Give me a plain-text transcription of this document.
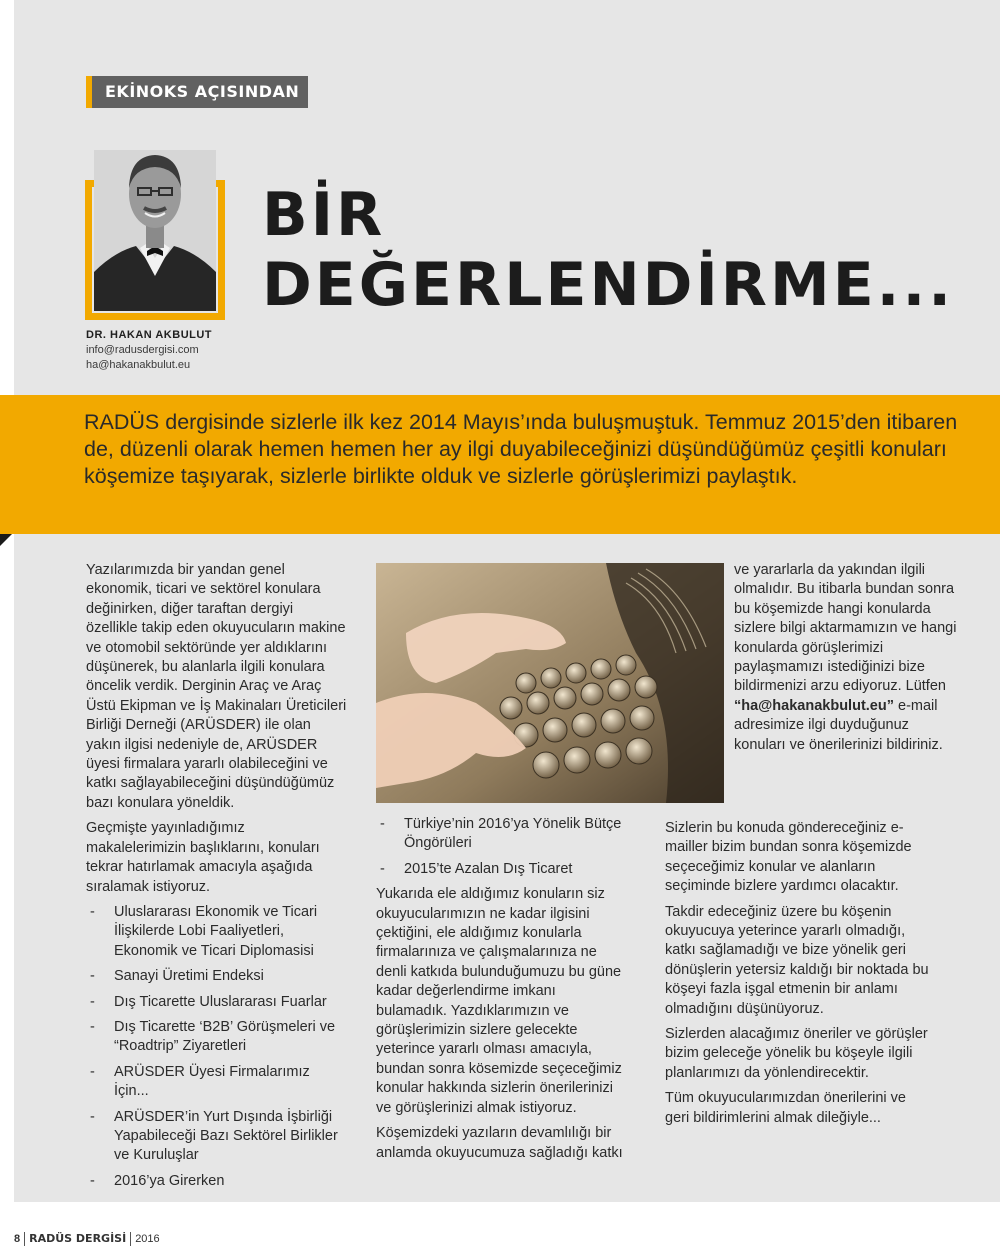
EKİNOKS AÇISINDAN
DR. HAKAN AKBULUT
info@radusdergisi.com
ha@hakanakbulut.eu
BİR
DEĞERLENDİRME...
RADÜS dergisinde sizlerle ilk kez 2014 Mayıs’ında buluşmuştuk. Temmuz 2015’den itibaren de, düzenli olarak hemen hemen her ay ilgi duyabileceğinizi düşündüğümüz çeşitli konuları köşemize taşıyarak, sizlerle birlikte olduk ve sizlerle görüşlerimizi paylaştık.

Yazılarımızda bir yandan genel ekonomik, ticari ve sektörel konulara değinirken, diğer taraftan dergiyi özellikle takip eden okuyucuların makine ve otomobil sektöründe yer aldıklarını düşünerek, bu alanlarla ilgili konulara öncelik verdik. Derginin Araç ve Araç Üstü Ekipman ve İş Makinaları Üreticileri Birliği Derneği (ARÜSDER) ile olan yakın ilgisi nedeniyle de, ARÜSDER üyesi firmalara yararlı olabileceğini ve katkı sağlayabileceğini düşündüğümüz bazı konulara yöneldik.

Geçmişte yayınladığımız makalelerimizin başlıklarını, konuları tekrar hatırlamak amacıyla aşağıda sıralamak istiyoruz.

- Uluslararası Ekonomik ve Ticari İlişkilerde Lobi Faaliyetleri, Ekonomik ve Ticari Diplomasisi
- Sanayi Üretimi Endeksi
- Dış Ticarette Uluslararası Fuarlar
- Dış Ticarette ‘B2B’ Görüşmeleri ve “Roadtrip” Ziyaretleri
- ARÜSDER Üyesi Firmalarımız İçin...
- ARÜSDER’in Yurt Dışında İşbirliği Yapabileceği Bazı Sektörel Birlikler ve Kuruluşlar
- 2016’ya Girerken
- Türkiye’nin 2016’ya Yönelik Bütçe Öngörüleri
- 2015’te Azalan Dış Ticaret

Yukarıda ele aldığımız konuların siz okuyucularımızın ne kadar ilgisini çektiğini, ele aldığımız konularla firmalarınıza ve çalışmalarınıza ne denli katkıda bulunduğumuzu bu güne kadar değerlendirme imkanı bulamadık. Yazdıklarımızın ve görüşlerimizin sizlere gelecekte yeterince yararlı olması amacıyla, bundan sonra kösemizde seçeceğimiz konular hakkında sizlerin önerilerinizi ve görüşlerinizi almak istiyoruz.

Köşemizdeki yazıların devamlılığı bir anlamda okuyucumuza sağladığı katkı

ve yararlarla da yakından ilgili olmalıdır. Bu itibarla bundan sonra bu köşemizde hangi konularda sizlere bilgi aktarmamızın ve hangi konularda görüşlerimizi paylaşmamızı istediğinizi bize bildirmenizi arzu ediyoruz. Lütfen “ha@hakanakbulut.eu” e-mail adresimize ilgi duyduğunuz konuları ve önerilerinizi bildiriniz.

Sizlerin bu konuda göndereceğiniz e-mailler bizim bundan sonra köşemizde seçeceğimiz konular ve alanların seçiminde bizlere yardımcı olacaktır.

Takdir edeceğiniz üzere bu köşenin okuyucuya yeterince yararlı olmadığı, katkı sağlamadığı ve bize yönelik geri dönüşlerin yetersiz kaldığı bir noktada bu köşeyi fazla işgal etmenin bir anlamı olmadığını düşünüyoruz.

Sizlerden alacağımız öneriler ve görüşler bizim geleceğe yönelik bu köşeyle ilgili planlarımızı da yönlendirecektir.

Tüm okuyucularımızdan önerilerini ve geri bildirimlerini almak dileğiyle...

8 RADÜS DERGİSİ 2016
